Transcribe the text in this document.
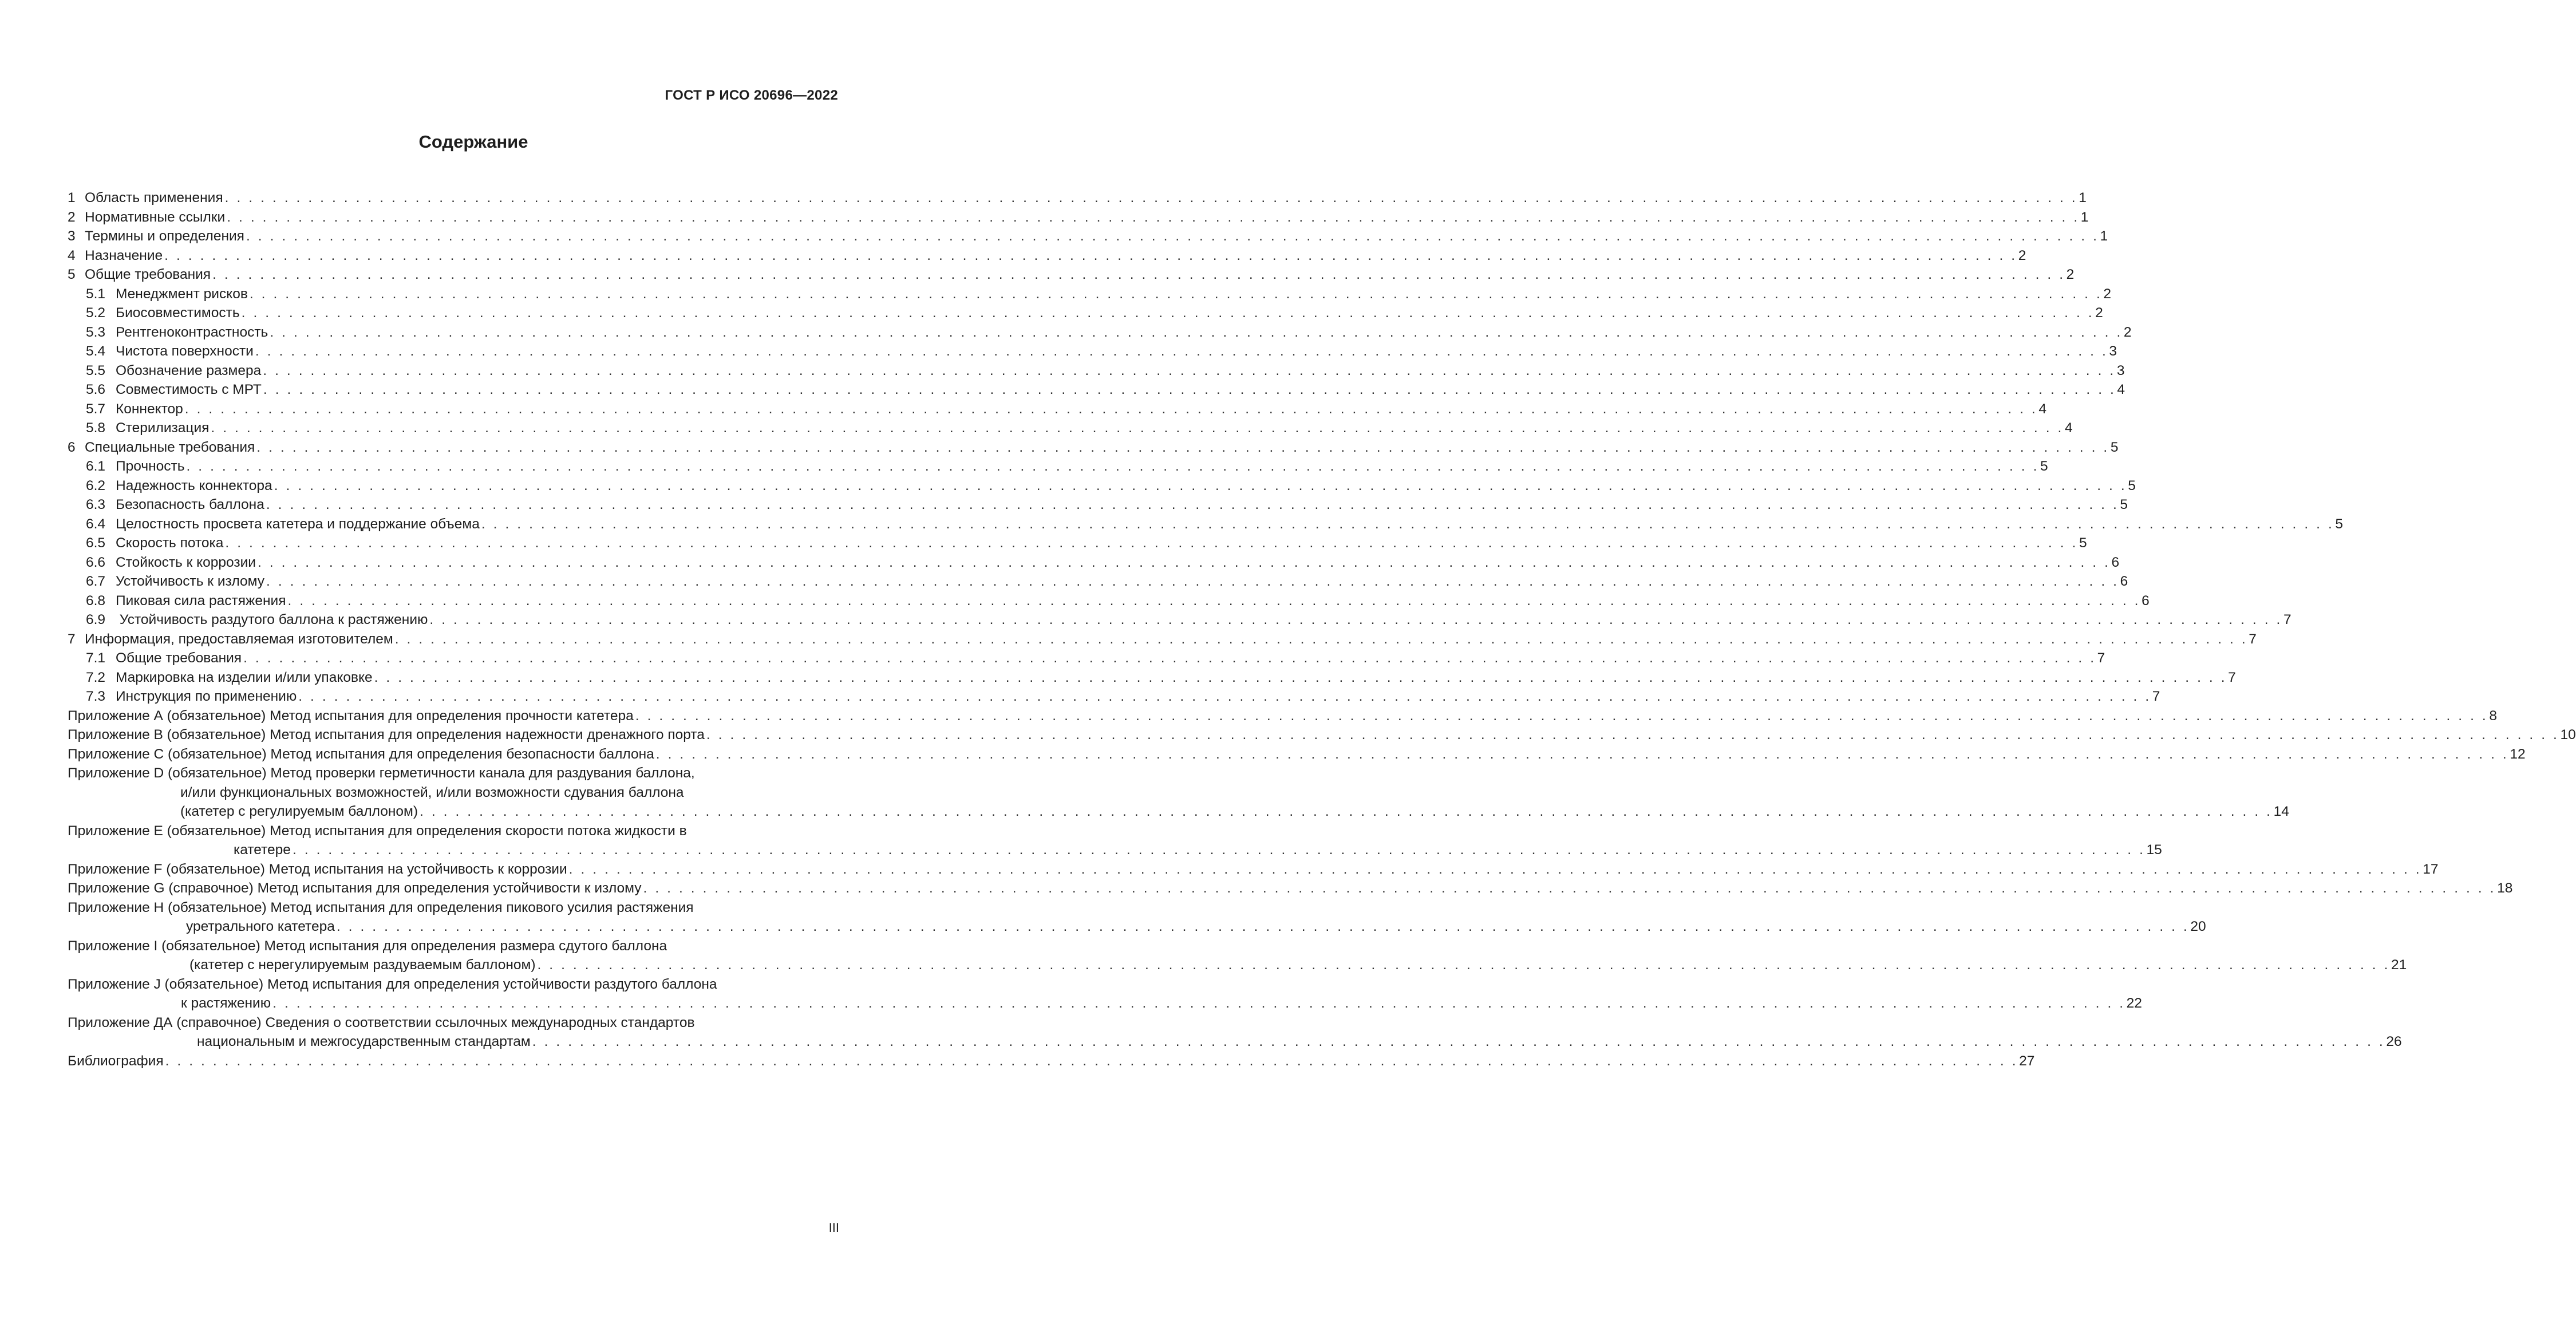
ГОСТ Р ИСО 20696—2022
Содержание
1 Область применения . . . . . . . . . . . . . . . . . . . . . . . . . . . . . . . . . . . . . . . . . . . . . . . . . . . . . . . . . . . . . . . . . . . . . . . . . . . . . . . . . . . . . . . . . . . . . . . . . . . . . . . . . . . . . . . . . . . . . . . . . . . . . . . . . . . . . . . . . . . . . . . . . . . . . . . . . . . . 1
2 Нормативные ссылки . . . . . . . . . . . . . . . . . . . . . . . . . . . . . . . . . . . . . . . . . . . . . . . . . . . . . . . . . . . . . . . . . . . . . . . . . . . . . . . . . . . . . . . . . . . . . . . . . . . . . . . . . . . . . . . . . . . . . . . . . . . . . . . . . . . . . . . . . . . . . . . . . . . . . . . . . . . . 1
3 Термины и определения . . . . . . . . . . . . . . . . . . . . . . . . . . . . . . . . . . . . . . . . . . . . . . . . . . . . . . . . . . . . . . . . . . . . . . . . . . . . . . . . . . . . . . . . . . . . . . . . . . . . . . . . . . . . . . . . . . . . . . . . . . . . . . . . . . . . . . . . . . . . . . . . . . . . . . . . . . . . 1
4 Назначение . . . . . . . . . . . . . . . . . . . . . . . . . . . . . . . . . . . . . . . . . . . . . . . . . . . . . . . . . . . . . . . . . . . . . . . . . . . . . . . . . . . . . . . . . . . . . . . . . . . . . . . . . . . . . . . . . . . . . . . . . . . . . . . . . . . . . . . . . . . . . . . . . . . . . . . . . . . . 2
5 Общие требования . . . . . . . . . . . . . . . . . . . . . . . . . . . . . . . . . . . . . . . . . . . . . . . . . . . . . . . . . . . . . . . . . . . . . . . . . . . . . . . . . . . . . . . . . . . . . . . . . . . . . . . . . . . . . . . . . . . . . . . . . . . . . . . . . . . . . . . . . . . . . . . . . . . . . . . . . . . . 2
5.1 Менеджмент рисков . . . . . . . . . . . . . . . . . . . . . . . . . . . . . . . . . . . . . . . . . . . . . . . . . . . . . . . . . . . . . . . . . . . . . . . . . . . . . . . . . . . . . . . . . . . . . . . . . . . . . . . . . . . . . . . . . . . . . . . . . . . . . . . . . . . . . . . . . . . . . . . . . . . . . . . . . . . . 2
5.2 Биосовместимость . . . . . . . . . . . . . . . . . . . . . . . . . . . . . . . . . . . . . . . . . . . . . . . . . . . . . . . . . . . . . . . . . . . . . . . . . . . . . . . . . . . . . . . . . . . . . . . . . . . . . . . . . . . . . . . . . . . . . . . . . . . . . . . . . . . . . . . . . . . . . . . . . . . . . . . . . . . . 2
5.3 Рентгеноконтрастность . . . . . . . . . . . . . . . . . . . . . . . . . . . . . . . . . . . . . . . . . . . . . . . . . . . . . . . . . . . . . . . . . . . . . . . . . . . . . . . . . . . . . . . . . . . . . . . . . . . . . . . . . . . . . . . . . . . . . . . . . . . . . . . . . . . . . . . . . . . . . . . . . . . . . . . . . . . . 2
5.4 Чистота поверхности . . . . . . . . . . . . . . . . . . . . . . . . . . . . . . . . . . . . . . . . . . . . . . . . . . . . . . . . . . . . . . . . . . . . . . . . . . . . . . . . . . . . . . . . . . . . . . . . . . . . . . . . . . . . . . . . . . . . . . . . . . . . . . . . . . . . . . . . . . . . . . . . . . . . . . . . . . . . 3
5.5 Обозначение размера . . . . . . . . . . . . . . . . . . . . . . . . . . . . . . . . . . . . . . . . . . . . . . . . . . . . . . . . . . . . . . . . . . . . . . . . . . . . . . . . . . . . . . . . . . . . . . . . . . . . . . . . . . . . . . . . . . . . . . . . . . . . . . . . . . . . . . . . . . . . . . . . . . . . . . . . . . . . 3
5.6 Совместимость с МРТ . . . . . . . . . . . . . . . . . . . . . . . . . . . . . . . . . . . . . . . . . . . . . . . . . . . . . . . . . . . . . . . . . . . . . . . . . . . . . . . . . . . . . . . . . . . . . . . . . . . . . . . . . . . . . . . . . . . . . . . . . . . . . . . . . . . . . . . . . . . . . . . . . . . . . . . . . . . . 4
5.7 Коннектор . . . . . . . . . . . . . . . . . . . . . . . . . . . . . . . . . . . . . . . . . . . . . . . . . . . . . . . . . . . . . . . . . . . . . . . . . . . . . . . . . . . . . . . . . . . . . . . . . . . . . . . . . . . . . . . . . . . . . . . . . . . . . . . . . . . . . . . . . . . . . . . . . . . . . . . . . . . . 4
5.8 Стерилизация . . . . . . . . . . . . . . . . . . . . . . . . . . . . . . . . . . . . . . . . . . . . . . . . . . . . . . . . . . . . . . . . . . . . . . . . . . . . . . . . . . . . . . . . . . . . . . . . . . . . . . . . . . . . . . . . . . . . . . . . . . . . . . . . . . . . . . . . . . . . . . . . . . . . . . . . . . . . 4
6 Специальные требования . . . . . . . . . . . . . . . . . . . . . . . . . . . . . . . . . . . . . . . . . . . . . . . . . . . . . . . . . . . . . . . . . . . . . . . . . . . . . . . . . . . . . . . . . . . . . . . . . . . . . . . . . . . . . . . . . . . . . . . . . . . . . . . . . . . . . . . . . . . . . . . . . . . . . . . . . . . . 5
6.1 Прочность . . . . . . . . . . . . . . . . . . . . . . . . . . . . . . . . . . . . . . . . . . . . . . . . . . . . . . . . . . . . . . . . . . . . . . . . . . . . . . . . . . . . . . . . . . . . . . . . . . . . . . . . . . . . . . . . . . . . . . . . . . . . . . . . . . . . . . . . . . . . . . . . . . . . . . . . . . . . 5
6.2 Надежность коннектора . . . . . . . . . . . . . . . . . . . . . . . . . . . . . . . . . . . . . . . . . . . . . . . . . . . . . . . . . . . . . . . . . . . . . . . . . . . . . . . . . . . . . . . . . . . . . . . . . . . . . . . . . . . . . . . . . . . . . . . . . . . . . . . . . . . . . . . . . . . . . . . . . . . . . . . . . . . . 5
6.3 Безопасность баллона . . . . . . . . . . . . . . . . . . . . . . . . . . . . . . . . . . . . . . . . . . . . . . . . . . . . . . . . . . . . . . . . . . . . . . . . . . . . . . . . . . . . . . . . . . . . . . . . . . . . . . . . . . . . . . . . . . . . . . . . . . . . . . . . . . . . . . . . . . . . . . . . . . . . . . . . . . . . 5
6.4 Целостность просвета катетера и поддержание объема . . . . . . . . . . . . . . . . . . . . . . . . . . . . . . . . . . . . . . . . . . . . . . . . . . . . . . . . . . . . . . . . . . . . . . . . . . . . . . . . . . . . . . . . . . . . . . . . . . . . . . . . . . . . . . . . . . . . . . . . . . . . . . . . . . . . . . . . . . . . . . . . . . . . . . . . . . . . 5
6.5 Скорость потока . . . . . . . . . . . . . . . . . . . . . . . . . . . . . . . . . . . . . . . . . . . . . . . . . . . . . . . . . . . . . . . . . . . . . . . . . . . . . . . . . . . . . . . . . . . . . . . . . . . . . . . . . . . . . . . . . . . . . . . . . . . . . . . . . . . . . . . . . . . . . . . . . . . . . . . . . . . . 5
6.6 Стойкость к коррозии . . . . . . . . . . . . . . . . . . . . . . . . . . . . . . . . . . . . . . . . . . . . . . . . . . . . . . . . . . . . . . . . . . . . . . . . . . . . . . . . . . . . . . . . . . . . . . . . . . . . . . . . . . . . . . . . . . . . . . . . . . . . . . . . . . . . . . . . . . . . . . . . . . . . . . . . . . . . 6
6.7 Устойчивость к излому . . . . . . . . . . . . . . . . . . . . . . . . . . . . . . . . . . . . . . . . . . . . . . . . . . . . . . . . . . . . . . . . . . . . . . . . . . . . . . . . . . . . . . . . . . . . . . . . . . . . . . . . . . . . . . . . . . . . . . . . . . . . . . . . . . . . . . . . . . . . . . . . . . . . . . . . . . . . 6
6.8 Пиковая сила растяжения . . . . . . . . . . . . . . . . . . . . . . . . . . . . . . . . . . . . . . . . . . . . . . . . . . . . . . . . . . . . . . . . . . . . . . . . . . . . . . . . . . . . . . . . . . . . . . . . . . . . . . . . . . . . . . . . . . . . . . . . . . . . . . . . . . . . . . . . . . . . . . . . . . . . . . . . . . . . 6
6.9 Устойчивость раздутого баллона к растяжению . . . . . . . . . . . . . . . . . . . . . . . . . . . . . . . . . . . . . . . . . . . . . . . . . . . . . . . . . . . . . . . . . . . . . . . . . . . . . . . . . . . . . . . . . . . . . . . . . . . . . . . . . . . . . . . . . . . . . . . . . . . . . . . . . . . . . . . . . . . . . . . . . . . . . . . . . . . . 7
7 Информация, предоставляемая изготовителем . . . . . . . . . . . . . . . . . . . . . . . . . . . . . . . . . . . . . . . . . . . . . . . . . . . . . . . . . . . . . . . . . . . . . . . . . . . . . . . . . . . . . . . . . . . . . . . . . . . . . . . . . . . . . . . . . . . . . . . . . . . . . . . . . . . . . . . . . . . . . . . . . . . . . . . . . . . . 7
7.1 Общие требования . . . . . . . . . . . . . . . . . . . . . . . . . . . . . . . . . . . . . . . . . . . . . . . . . . . . . . . . . . . . . . . . . . . . . . . . . . . . . . . . . . . . . . . . . . . . . . . . . . . . . . . . . . . . . . . . . . . . . . . . . . . . . . . . . . . . . . . . . . . . . . . . . . . . . . . . . . . . 7
7.2 Маркировка на изделии и/или упаковке . . . . . . . . . . . . . . . . . . . . . . . . . . . . . . . . . . . . . . . . . . . . . . . . . . . . . . . . . . . . . . . . . . . . . . . . . . . . . . . . . . . . . . . . . . . . . . . . . . . . . . . . . . . . . . . . . . . . . . . . . . . . . . . . . . . . . . . . . . . . . . . . . . . . . . . . . . . . 7
7.3 Инструкция по применению . . . . . . . . . . . . . . . . . . . . . . . . . . . . . . . . . . . . . . . . . . . . . . . . . . . . . . . . . . . . . . . . . . . . . . . . . . . . . . . . . . . . . . . . . . . . . . . . . . . . . . . . . . . . . . . . . . . . . . . . . . . . . . . . . . . . . . . . . . . . . . . . . . . . . . . . . . . . 7
Приложение А (обязательное) Метод испытания для определения прочности катетера . . . . . . . . . . . . . . . . . . . . . . . . . . . . . . . . . . . . . . . . . . . . . . . . . . . . . . . . . . . . . . . . . . . . . . . . . . . . . . . . . . . . . . . . . . . . . . . . . . . . . . . . . . . . . . . . . . . . . . . . . . . . . . . . . . . . . . . . . . . . . . . . . . . . . . . . . . . . 8
Приложение В (обязательное) Метод испытания для определения надежности дренажного порта . . . . . . . . . . . . . . . . . . . . . . . . . . . . . . . . . . . . . . . . . . . . . . . . . . . . . . . . . . . . . . . . . . . . . . . . . . . . . . . . . . . . . . . . . . . . . . . . . . . . . . . . . . . . . . . . . . . . . . . . . . . . . . . . . . . . . . . . . . . . . . . . . . . . . . . . . . . . 10
Приложение С (обязательное) Метод испытания для определения безопасности баллона . . . . . . . . . . . . . . . . . . . . . . . . . . . . . . . . . . . . . . . . . . . . . . . . . . . . . . . . . . . . . . . . . . . . . . . . . . . . . . . . . . . . . . . . . . . . . . . . . . . . . . . . . . . . . . . . . . . . . . . . . . . . . . . . . . . . . . . . . . . . . . . . . . . . . . . . . . . . 12
Приложение D (обязательное) Метод проверки герметичности канала для раздувания баллона,
и/или функциональных возможностей, и/или возможности сдувания баллона
(катетер с регулируемым баллоном) . . . . . . . . . . . . . . . . . . . . . . . . . . . . . . . . . . . . . . . . . . . . . . . . . . . . . . . . . . . . . . . . . . . . . . . . . . . . . . . . . . . . . . . . . . . . . . . . . . . . . . . . . . . . . . . . . . . . . . . . . . . . . . . . . . . . . . . . . . . . . . . . . . . . . . . . . . . . 14
Приложение Е (обязательное) Метод испытания для определения скорости потока жидкости в
катетере . . . . . . . . . . . . . . . . . . . . . . . . . . . . . . . . . . . . . . . . . . . . . . . . . . . . . . . . . . . . . . . . . . . . . . . . . . . . . . . . . . . . . . . . . . . . . . . . . . . . . . . . . . . . . . . . . . . . . . . . . . . . . . . . . . . . . . . . . . . . . . . . . . . . . . . . . . . . 15
Приложение F (обязательное) Метод испытания на устойчивость к коррозии . . . . . . . . . . . . . . . . . . . . . . . . . . . . . . . . . . . . . . . . . . . . . . . . . . . . . . . . . . . . . . . . . . . . . . . . . . . . . . . . . . . . . . . . . . . . . . . . . . . . . . . . . . . . . . . . . . . . . . . . . . . . . . . . . . . . . . . . . . . . . . . . . . . . . . . . . . . . 17
Приложение G (справочное) Метод испытания для определения устойчивости к излому . . . . . . . . . . . . . . . . . . . . . . . . . . . . . . . . . . . . . . . . . . . . . . . . . . . . . . . . . . . . . . . . . . . . . . . . . . . . . . . . . . . . . . . . . . . . . . . . . . . . . . . . . . . . . . . . . . . . . . . . . . . . . . . . . . . . . . . . . . . . . . . . . . . . . . . . . . . . 18
Приложение H (обязательное) Метод испытания для определения пикового усилия растяжения
уретрального катетера . . . . . . . . . . . . . . . . . . . . . . . . . . . . . . . . . . . . . . . . . . . . . . . . . . . . . . . . . . . . . . . . . . . . . . . . . . . . . . . . . . . . . . . . . . . . . . . . . . . . . . . . . . . . . . . . . . . . . . . . . . . . . . . . . . . . . . . . . . . . . . . . . . . . . . . . . . . . 20
Приложение I (обязательное) Метод испытания для определения размера сдутого баллона
(катетер с нерегулируемым раздуваемым баллоном) . . . . . . . . . . . . . . . . . . . . . . . . . . . . . . . . . . . . . . . . . . . . . . . . . . . . . . . . . . . . . . . . . . . . . . . . . . . . . . . . . . . . . . . . . . . . . . . . . . . . . . . . . . . . . . . . . . . . . . . . . . . . . . . . . . . . . . . . . . . . . . . . . . . . . . . . . . . . 21
Приложение J (обязательное) Метод испытания для определения устойчивости раздутого баллона
к растяжению . . . . . . . . . . . . . . . . . . . . . . . . . . . . . . . . . . . . . . . . . . . . . . . . . . . . . . . . . . . . . . . . . . . . . . . . . . . . . . . . . . . . . . . . . . . . . . . . . . . . . . . . . . . . . . . . . . . . . . . . . . . . . . . . . . . . . . . . . . . . . . . . . . . . . . . . . . . . 22
Приложение ДА (справочное) Сведения о соответствии ссылочных международных стандартов
национальным и межгосударственным стандартам . . . . . . . . . . . . . . . . . . . . . . . . . . . . . . . . . . . . . . . . . . . . . . . . . . . . . . . . . . . . . . . . . . . . . . . . . . . . . . . . . . . . . . . . . . . . . . . . . . . . . . . . . . . . . . . . . . . . . . . . . . . . . . . . . . . . . . . . . . . . . . . . . . . . . . . . . . . . 26
Библиография . . . . . . . . . . . . . . . . . . . . . . . . . . . . . . . . . . . . . . . . . . . . . . . . . . . . . . . . . . . . . . . . . . . . . . . . . . . . . . . . . . . . . . . . . . . . . . . . . . . . . . . . . . . . . . . . . . . . . . . . . . . . . . . . . . . . . . . . . . . . . . . . . . . . . . . . . . . . 27
III
